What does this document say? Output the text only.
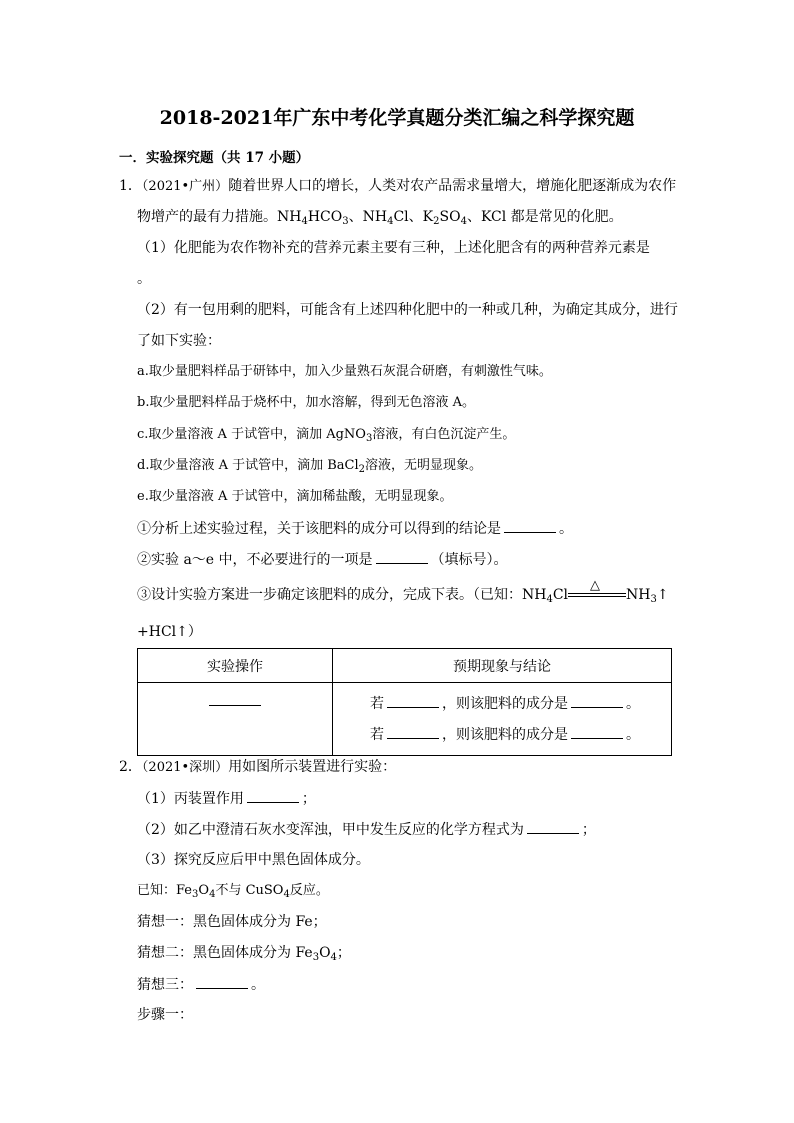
2018-2021年广东中考化学真题分类汇编之科学探究题
一．实验探究题（共 17 小题）
1．（2021•广州）随着世界人口的增长，人类对农产品需求量增大，增施化肥逐渐成为农作
物增产的最有力措施。$NH_4HCO_3$、$NH_4Cl$、$K_2SO_4$、KCl 都是常见的化肥。
（1）化肥能为农作物补充的营养元素主要有三种，上述化肥含有的两种营养元素是
。
（2）有一包用剩的肥料，可能含有上述四种化肥中的一种或几种，为确定其成分，进行
了如下实验：
a.取少量肥料样品于研钵中，加入少量熟石灰混合研磨，有刺激性气味。
b.取少量肥料样品于烧杯中，加水溶解，得到无色溶液 A。
c.取少量溶液 A 于试管中，滴加 AgNO$_3$溶液，有白色沉淀产生。
d.取少量溶液 A 于试管中，滴加 BaCl$_2$溶液，无明显现象。
e.取少量溶液 A 于试管中，滴加稀盐酸，无明显现象。
①分析上述实验过程，关于该肥料的成分可以得到的结论是	。
②实验 a～e 中，不必要进行的一项是	（填标号）。
③设计实验方案进一步确定该肥料的成分，完成下表。（已知：$NH_4Cl$
△
$NH_3↑$
+HCl↑）
实验操作	预期现象与结论

	若 ，则该肥料的成分是 。
若 ，则该肥料的成分是 。
2．（2021•深圳）用如图所示装置进行实验：
（1）丙装置作用	；
（2）如乙中澄清石灰水变浑浊，甲中发生反应的化学方程式为	；
（3）探究反应后甲中黑色固体成分。
已知：$Fe_3O_4$不与 CuSO$_4$反应。
猜想一：黑色固体成分为 Fe；
猜想二：黑色固体成分为 $Fe_3O_4$；
猜想三：	。
步骤一：
